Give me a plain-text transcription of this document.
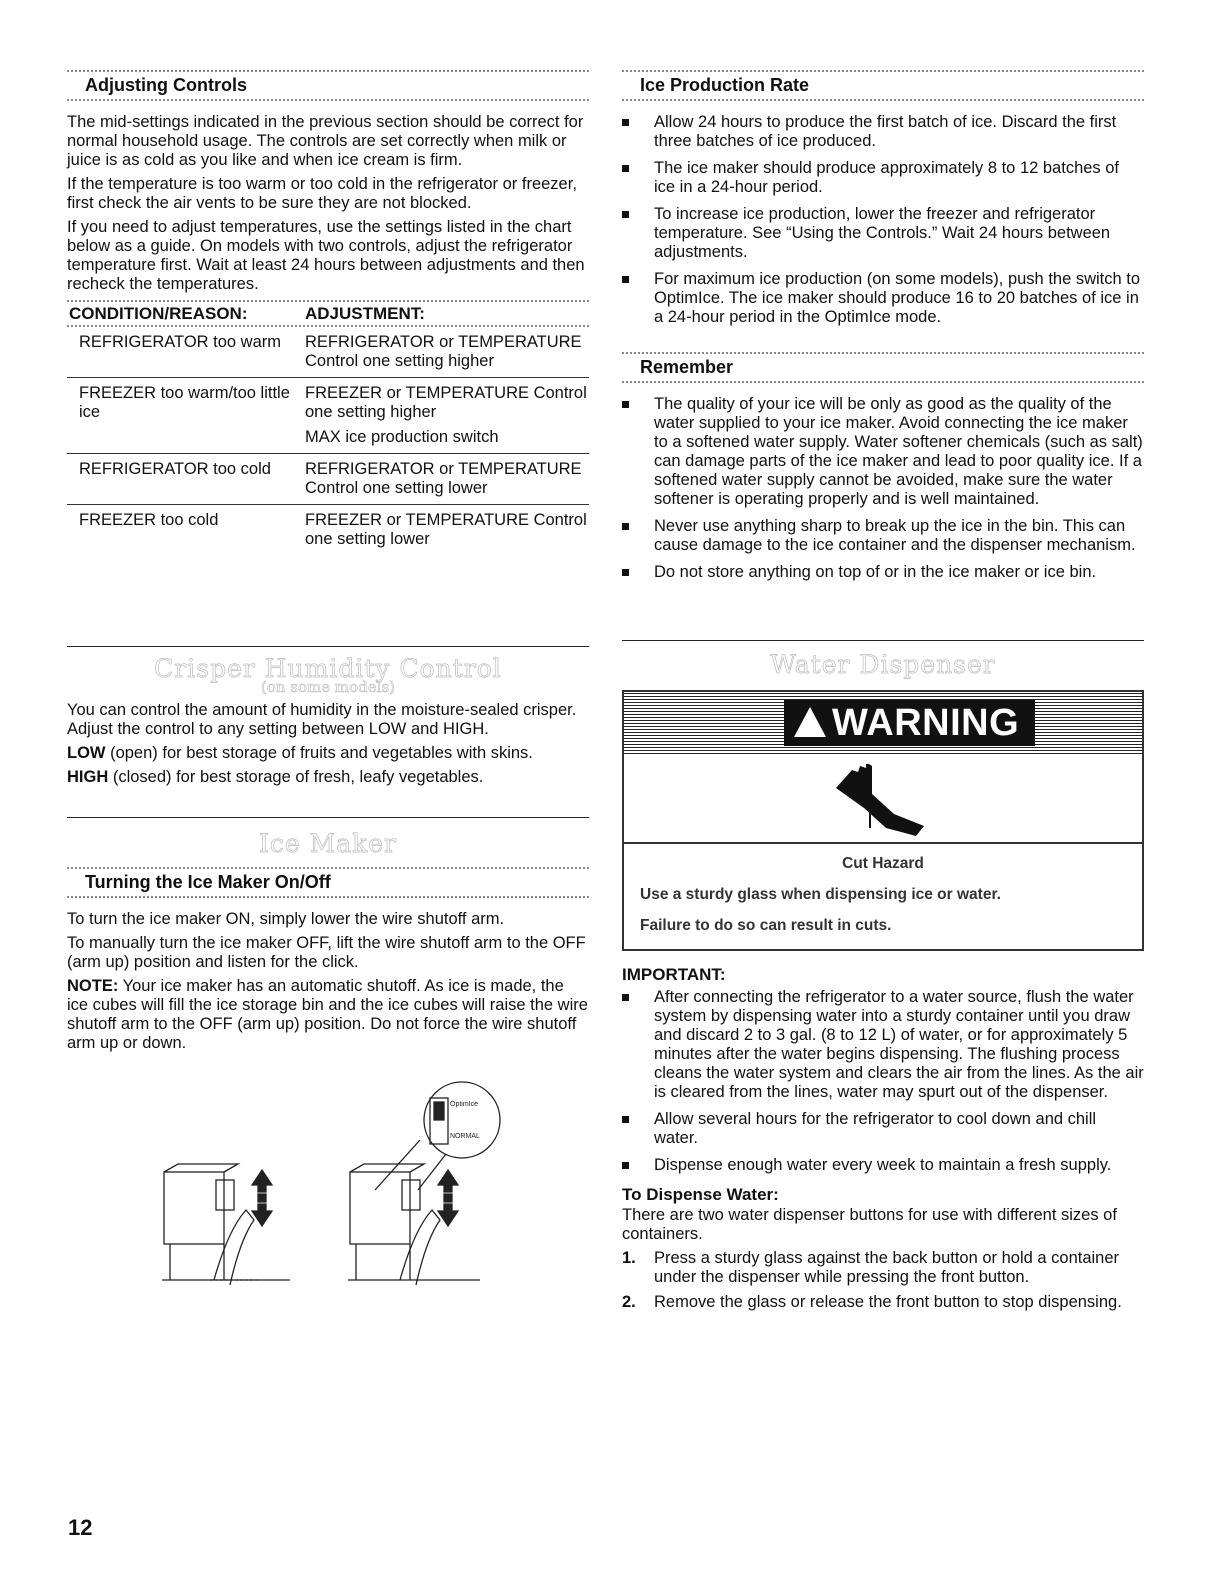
Adjusting Controls

The mid-settings indicated in the previous section should be correct for normal household usage. The controls are set correctly when milk or juice is as cold as you like and when ice cream is firm.

If the temperature is too warm or too cold in the refrigerator or freezer, first check the air vents to be sure they are not blocked.

If you need to adjust temperatures, use the settings listed in the chart below as a guide. On models with two controls, adjust the refrigerator temperature first. Wait at least 24 hours between adjustments and then recheck the temperatures.

CONDITION/REASON:	ADJUSTMENT:

REFRIGERATOR too warm	REFRIGERATOR or TEMPERATURE Control one setting higher
FREEZER too warm/too little ice	FREEZER or TEMPERATURE Control one setting higher
MAX ice production switch

REFRIGERATOR too cold	REFRIGERATOR or TEMPERATURE Control one setting lower
FREEZER too cold	FREEZER or TEMPERATURE Control one setting lower
Crisper Humidity Control
(on some models)

You can control the amount of humidity in the moisture-sealed crisper. Adjust the control to any setting between LOW and HIGH.

LOW (open) for best storage of fruits and vegetables with skins.

HIGH (closed) for best storage of fresh, leafy vegetables.

Ice Maker
Turning the Ice Maker On/Off

To turn the ice maker ON, simply lower the wire shutoff arm.

To manually turn the ice maker OFF, lift the wire shutoff arm to the OFF (arm up) position and listen for the click.

NOTE: Your ice maker has an automatic shutoff. As ice is made, the ice cubes will fill the ice storage bin and the ice cubes will raise the wire shutoff arm to the OFF (arm up) position. Do not force the wire shutoff arm up or down.

OptimIce
NORMAL
Ice Production Rate
Allow 24 hours to produce the first batch of ice. Discard the first three batches of ice produced.
The ice maker should produce approximately 8 to 12 batches of ice in a 24-hour period.
To increase ice production, lower the freezer and refrigerator temperature. See “Using the Controls.” Wait 24 hours between adjustments.
For maximum ice production (on some models), push the switch to OptimIce. The ice maker should produce 16 to 20 batches of ice in a 24-hour period in the OptimIce mode.
Remember
The quality of your ice will be only as good as the quality of the water supplied to your ice maker. Avoid connecting the ice maker to a softened water supply. Water softener chemicals (such as salt) can damage parts of the ice maker and lead to poor quality ice. If a softened water supply cannot be avoided, make sure the water softener is operating properly and is well maintained.
Never use anything sharp to break up the ice in the bin. This can cause damage to the ice container and the dispenser mechanism.
Do not store anything on top of or in the ice maker or ice bin.
Water Dispenser
WARNING
Cut Hazard
Use a sturdy glass when dispensing ice or water.
Failure to do so can result in cuts.
IMPORTANT:
After connecting the refrigerator to a water source, flush the water system by dispensing water into a sturdy container until you draw and discard 2 to 3 gal. (8 to 12 L) of water, or for approximately 5 minutes after the water begins dispensing. The flushing process cleans the water system and clears the air from the lines. As the air is cleared from the lines, water may spurt out of the dispenser.
Allow several hours for the refrigerator to cool down and chill water.
Dispense enough water every week to maintain a fresh supply.
To Dispense Water:

There are two water dispenser buttons for use with different sizes of containers.

1. Press a sturdy glass against the back button or hold a container under the dispenser while pressing the front button.
2. Remove the glass or release the front button to stop dispensing.
12
